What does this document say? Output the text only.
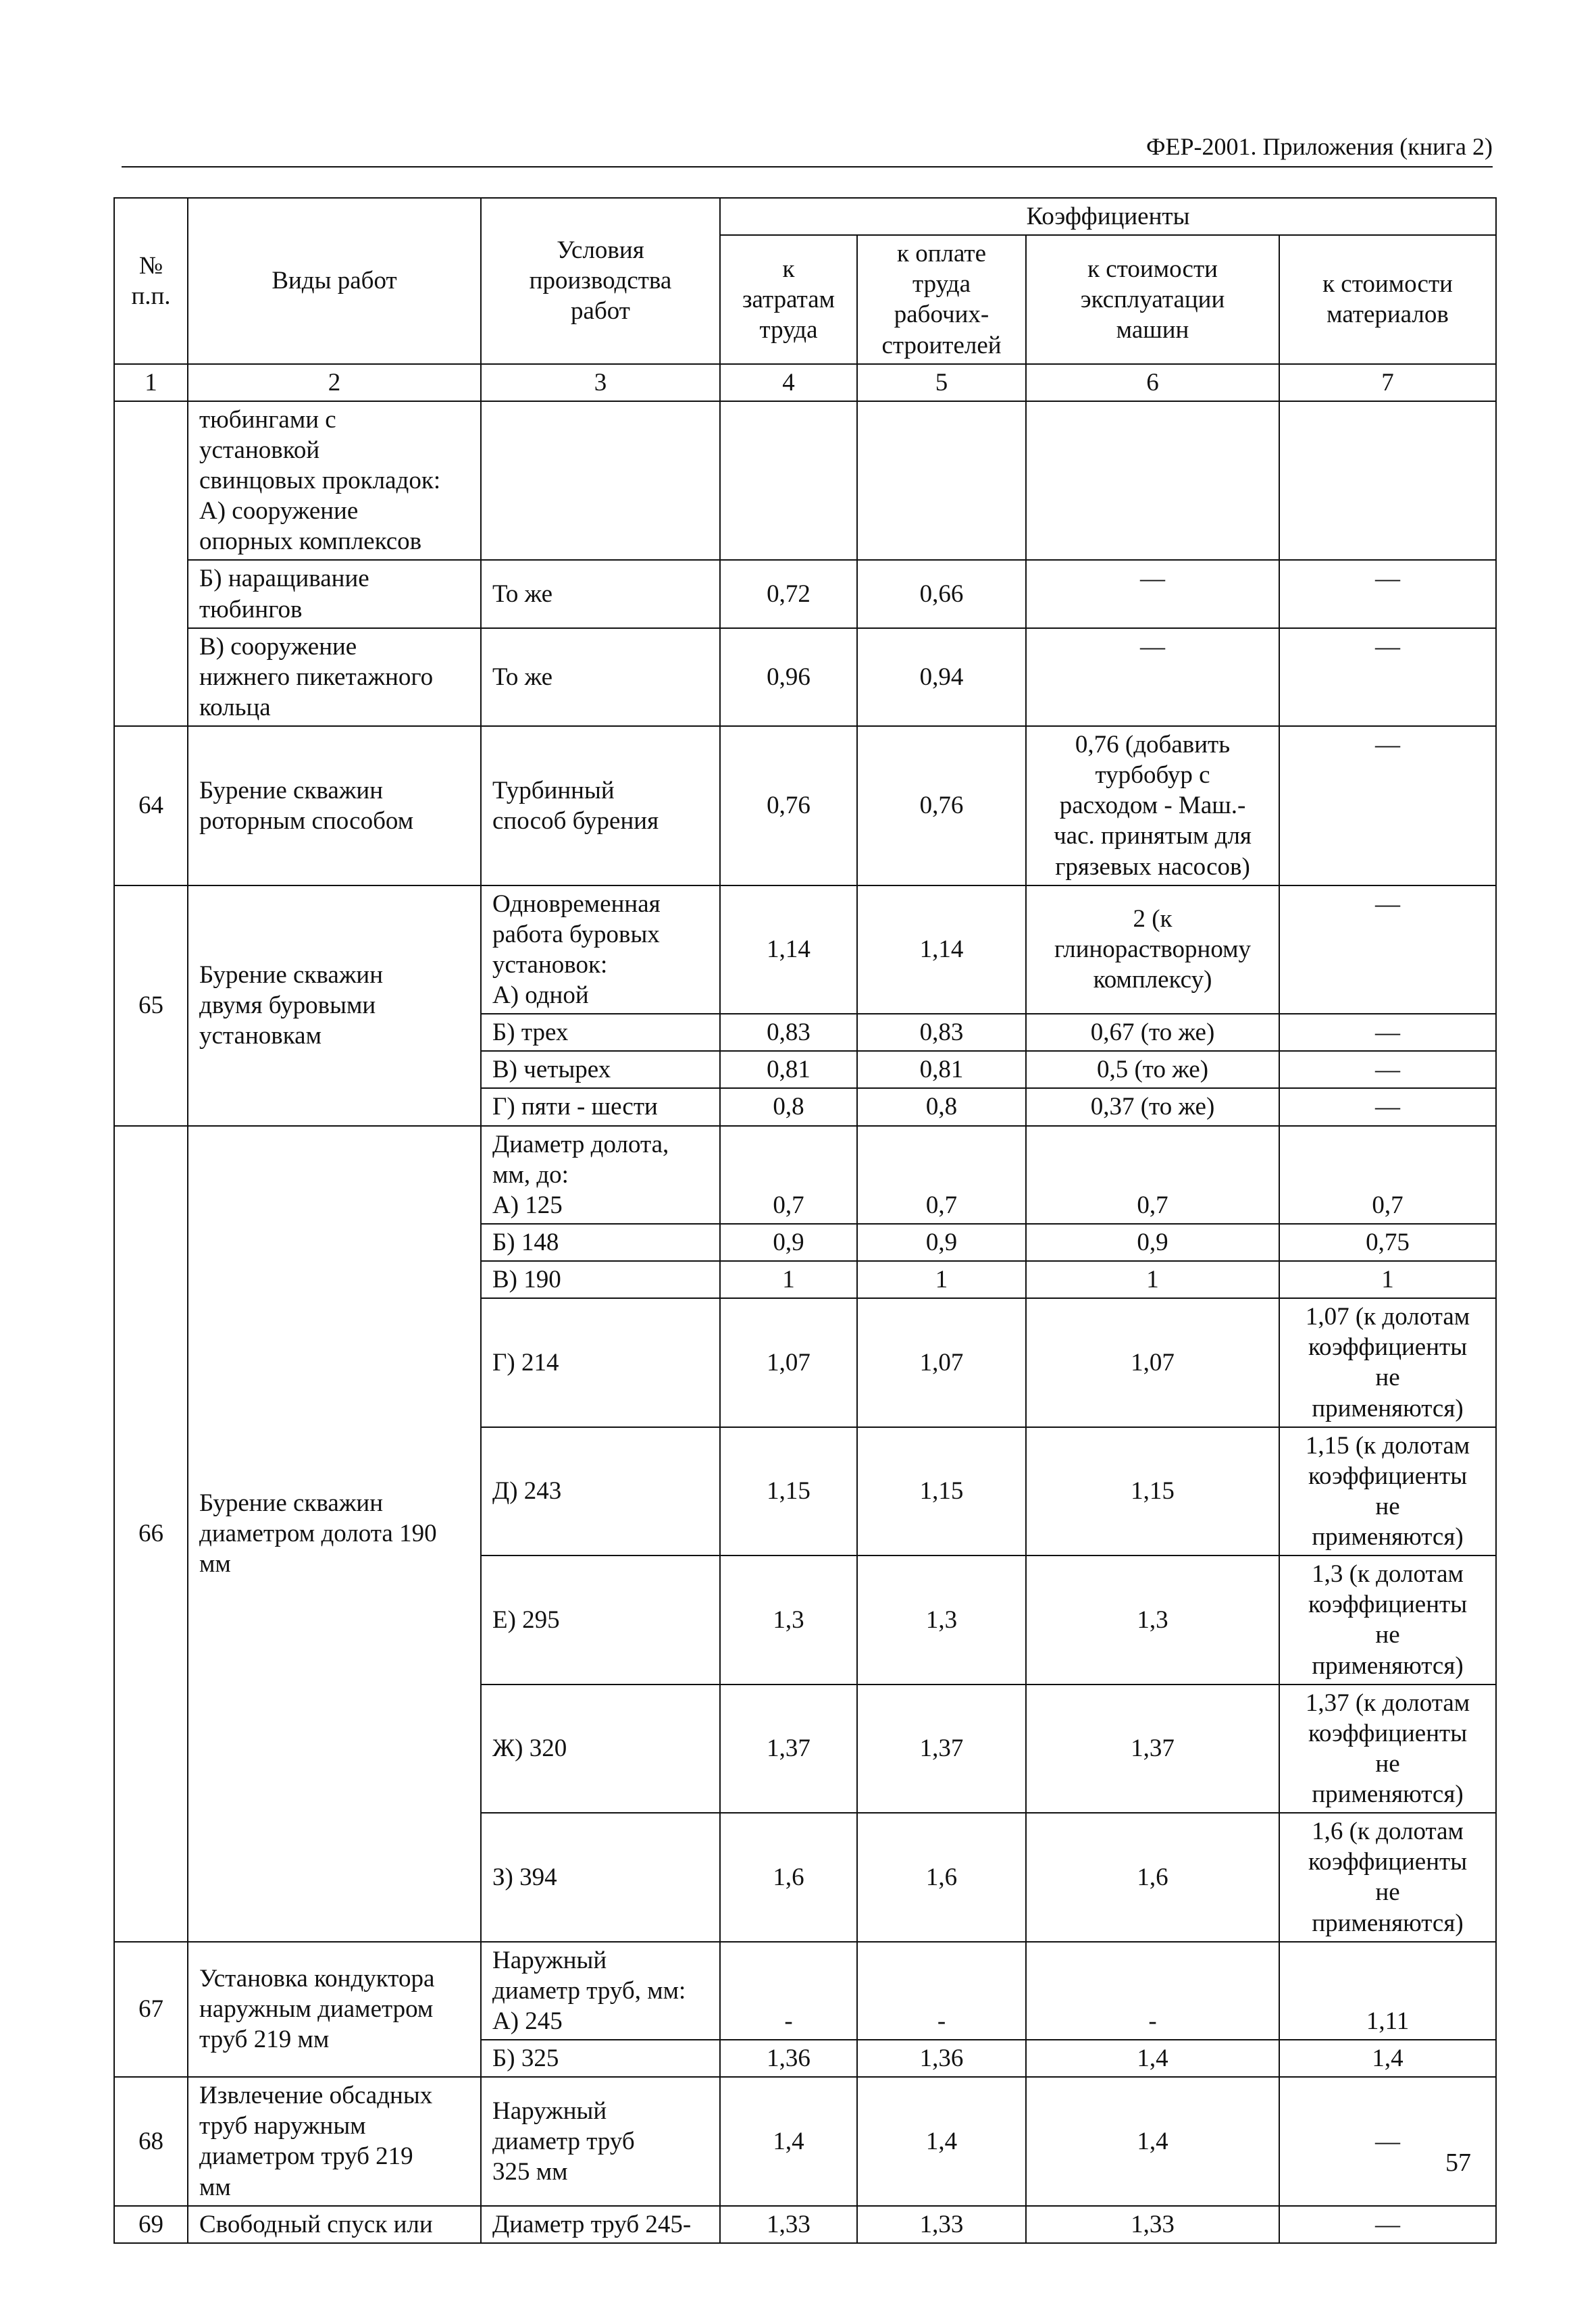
ФЕР-2001. Приложения (книга 2)
№
п.п.	Виды работ	Условия
производства
работ	Коэффициенты			
			к
затратам
труда	к оплате
труда
рабочих-
строителей	к стоимости
эксплуатации
машин	к стоимости
материалов
1	2	3	4	5	6	7
	тюбингами с
установкой
свинцовых прокладок:
А) сооружение
опорных комплексов					
	Б) наращивание
тюбингов	То же	0,72	0,66	—	—
	В) сооружение
нижнего пикетажного
кольца	То же	0,96	0,94	—	—
64	Бурение скважин
роторным способом	Турбинный
способ бурения	0,76	0,76	0,76 (добавить
турбобур с
расходом - Маш.-
час. принятым для
грязевых насосов)	—
65	Бурение скважин
двумя буровыми
установкам	Одновременная
работа буровых
установок:
А) одной	1,14	1,14	2 (к
глинорастворному
комплексу)	—
		Б) трех	0,83	0,83	0,67 (то же)	—
		В) четырех	0,81	0,81	0,5 (то же)	—
		Г) пяти - шести	0,8	0,8	0,37 (то же)	—
66	Бурение скважин
диаметром долота 190
мм	Диаметр долота,
мм, до:
А) 125	0,7	0,7	0,7	0,7
		Б) 148	0,9	0,9	0,9	0,75
		В) 190	1	1	1	1
		Г) 214	1,07	1,07	1,07	1,07 (к долотам
коэффициенты
не
применяются)
		Д) 243	1,15	1,15	1,15	1,15 (к долотам
коэффициенты
не
применяются)
		Е) 295	1,3	1,3	1,3	1,3 (к долотам
коэффициенты
не
применяются)
		Ж) 320	1,37	1,37	1,37	1,37 (к долотам
коэффициенты
не
применяются)
		З) 394	1,6	1,6	1,6	1,6 (к долотам
коэффициенты
не
применяются)
67	Установка кондуктора
наружным диаметром
труб 219 мм	Наружный
диаметр труб, мм:
А) 245	-	-	-	1,11
		Б) 325	1,36	1,36	1,4	1,4
68	Извлечение обсадных
труб наружным
диаметром труб 219
мм	Наружный
диаметр труб
325 мм	1,4	1,4	1,4	—
69	Свободный спуск или	Диаметр труб 245-	1,33	1,33	1,33	—
57
